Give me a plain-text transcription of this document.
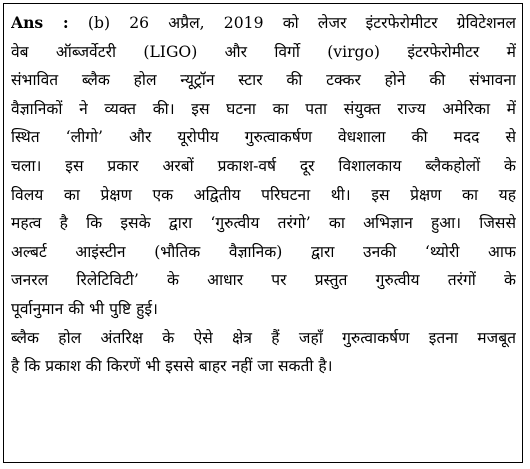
Ans : (b) 26 अप्रैल, 2019 को लेजर इंटरफेरोमीटर ग्रेविटेशनल
वेब ऑब्जर्वेटरी (LIGO) और विर्गो (virgo) इंटरफेरोमीटर में
संभावित ब्लैक होल न्यूट्रॉन स्टार की टक्कर होने की संभावना
वैज्ञानिकों ने व्यक्त की। इस घटना का पता संयुक्त राज्य अमेरिका में
स्थित ‘लीगो’ और यूरोपीय गुरुत्वाकर्षण वेधशाला की मदद से
चला। इस प्रकार अरबों प्रकाश-वर्ष दूर विशालकाय ब्लैकहोलों के
विलय का प्रेक्षण एक अद्वितीय परिघटना थी। इस प्रेक्षण का यह
महत्व है कि इसके द्वारा ‘गुरुत्वीय तरंगो’ का अभिज्ञान हुआ। जिससे
अल्बर्ट आइंस्टीन (भौतिक वैज्ञानिक) द्वारा उनकी ‘थ्योरी आफ
जनरल रिलेटिविटी’ के आधार पर प्रस्तुत गुरुत्वीय तरंगों के
पूर्वानुमान की भी पुष्टि हुई।
ब्लैक होल अंतरिक्ष के ऐसे क्षेत्र हैं जहाँ गुरुत्वाकर्षण इतना मजबूत
है कि प्रकाश की किरणें भी इससे बाहर नहीं जा सकती है।
